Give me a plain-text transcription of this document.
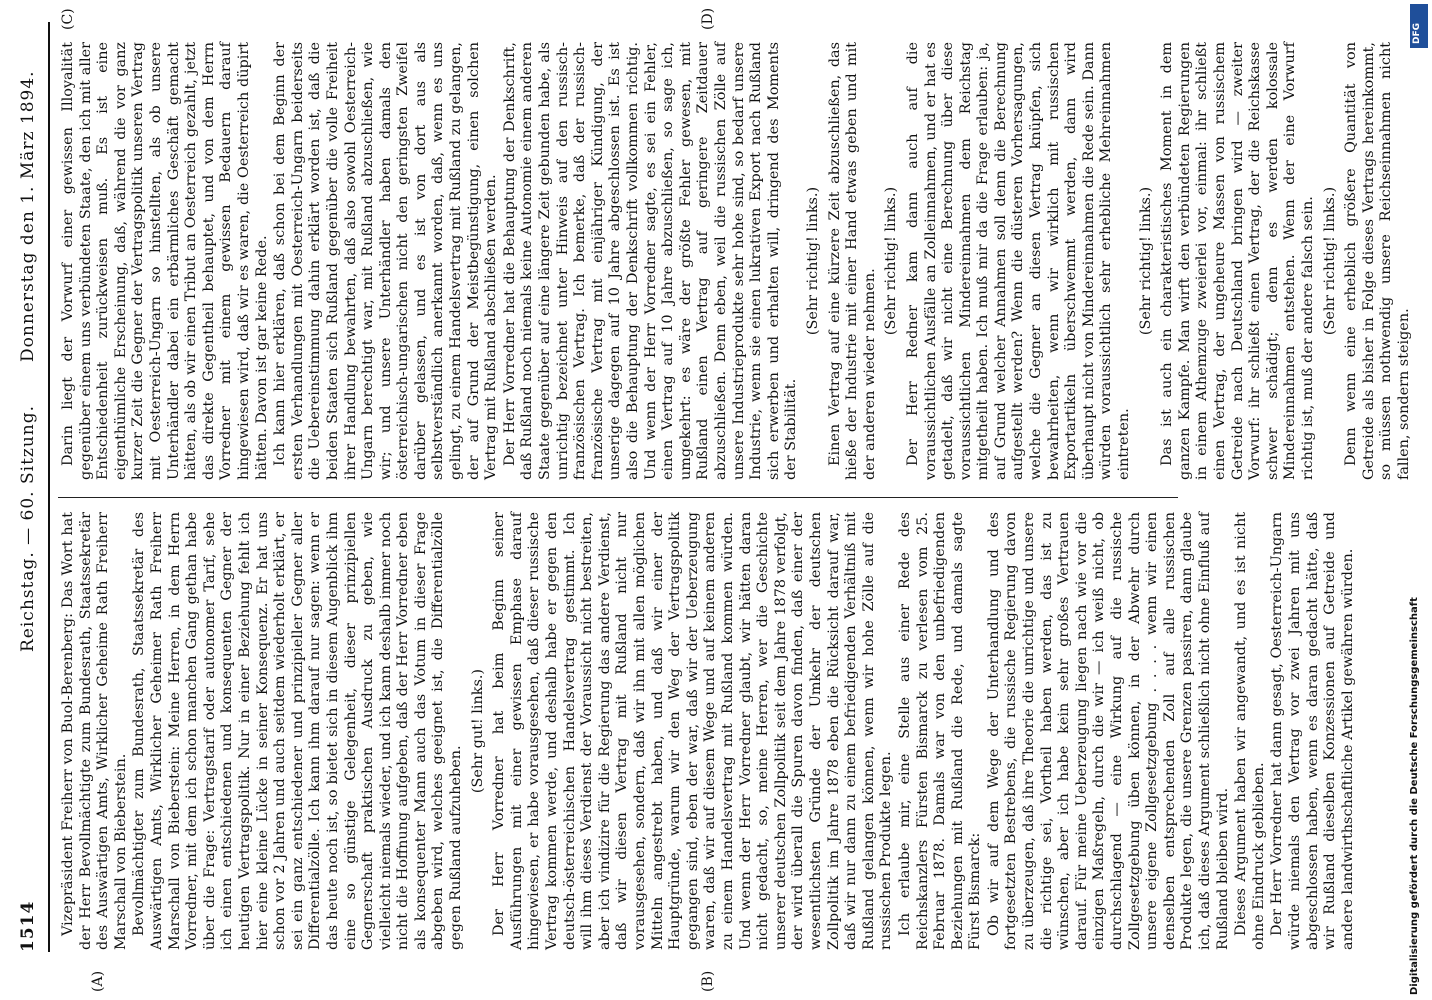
1514
Reichstag. — 60. Sitzung.
Donnerstag den 1. März 1894.
(A)	(B)
(C)	(D)

Vizepräsident Freiherr von Buol-Berenberg: Das Wort hat der Herr Bevollmächtigte zum Bundesrath, Staatssekretär des Auswärtigen Amts, Wirklicher Geheime Rath Freiherr Marschall von Bieberstein. Bevollmächtigter zum Bundesrath, Staatssekretär des Auswärtigen Amts, Wirklicher Geheimer Rath Freiherr Marschall von Bieberstein: Meine Herren, in dem Herrn Vorredner, mit dem ich schon manchen Gang gethan habe über die Frage: Vertragstarif oder autonomer Tarif, sehe ich einen entschiedenen und konsequenten Gegner der heutigen Vertragspolitik. Nur in einer Beziehung fehlt ich hier eine kleine Lücke in seiner Konsequenz. Er hat uns schon vor 2 Jahren und auch seitdem wiederholt erklärt, er sei ein ganz entschiedener und prinzipieller Gegner aller Differentialzölle. Ich kann ihm darauf nur sagen: wenn er das heute noch ist, so bietet sich in diesem Augenblick ihm eine so günstige Gelegenheit, dieser prinzipiellen Gegnerschaft praktischen Ausdruck zu geben, wie vielleicht niemals wieder, und ich kann deshalb immer noch nicht die Hoffnung aufgeben, daß der Herr Vorredner eben als konsequenter Mann auch das Votum in dieser Frage abgeben wird, welches geeignet ist, die Differentialzölle gegen Rußland aufzuheben.

(Sehr gut! links.) Der Herr Vorredner hat beim Beginn seiner Ausführungen mit einer gewissen Emphase darauf hingewiesen, er habe vorausgesehen, daß dieser russische Vertrag kommen werde, und deshalb habe er gegen den deutsch-österreichischen Handelsvertrag gestimmt. Ich will ihm dieses Verdienst der Voraussicht nicht bestreiten, aber ich vindizire für die Regierung das andere Verdienst, daß wir diesen Vertrag mit Rußland nicht nur vorausgesehen, sondern, daß wir ihn mit allen möglichen Mitteln angestrebt haben, und daß wir einer der Hauptgründe, warum wir den Weg der Vertragspolitik gegangen sind, eben der war, daß wir der Ueberzeugung waren, daß wir auf diesem Wege und auf keinem anderen zu einem Handelsvertrag mit Rußland kommen würden. Und wenn der Herr Vorredner glaubt, wir hätten daran nicht gedacht, so, meine Herren, wer die Geschichte unserer deutschen Zollpolitik seit dem Jahre 1878 verfolgt, der wird überall die Spuren davon finden, daß einer der wesentlichsten Gründe der Umkehr der deutschen Zollpolitik im Jahre 1878 eben die Rücksicht darauf war, daß wir nur dann zu einem befriedigenden Verhältniß mit Rußland gelangen können, wenn wir hohe Zölle auf die russischen Produkte legen. Ich erlaube mir, eine Stelle aus einer Rede des Reichskanzlers Fürsten Bismarck zu verlesen vom 25. Februar 1878. Damals war von den unbefriedigenden Beziehungen mit Rußland die Rede, und damals sagte Fürst Bismarck: Ob wir auf dem Wege der Unterhandlung und des fortgesetzten Bestrebens, die russische Regierung davon zu überzeugen, daß ihre Theorie die unrichtige und unsere die richtige sei, Vortheil haben werden, das ist zu wünschen, aber ich habe kein sehr großes Vertrauen darauf. Für meine Ueberzeugung liegen nach wie vor die einzigen Maßregeln, durch die wir — ich weiß nicht, ob durchschlagend — eine Wirkung auf die russische Zollgesetzgebung üben können, in der Abwehr durch unsere eigene Zollgesetzgebung . . . . wenn wir einen denselben entsprechenden Zoll auf alle russischen Produkte legen, die unsere Grenzen passiren, dann glaube ich, daß dieses Argument schließlich nicht ohne Einfluß auf Rußland bleiben wird. Dieses Argument haben wir angewandt, und es ist nicht ohne Eindruck geblieben. Der Herr Vorredner hat dann gesagt, Oesterreich-Ungarn würde niemals den Vertrag vor zwei Jahren mit uns abgeschlossen haben, wenn es daran gedacht hätte, daß wir Rußland dieselben Konzessionen auf Getreide und andere landwirthschaftliche Artikel gewähren würden.

Darin liegt der Vorwurf einer gewissen Illoyalität gegenüber einem uns verbündeten Staate, den ich mit aller Entschiedenheit zurückweisen muß. Es ist eine eigenthümliche Erscheinung, daß, während die vor ganz kurzer Zeit die Gegner der Vertragspolitik unseren Vertrag mit Oesterreich-Ungarn so hinstellten, als ob unsere Unterhändler dabei ein erbärmliches Geschäft gemacht hätten, als ob wir einen Tribut an Oesterreich gezahlt, jetzt das direkte Gegentheil behauptet, und von dem Herrn Vorredner mit einem gewissen Bedauern darauf hingewiesen wird, daß wir es waren, die Oesterreich düpirt hätten. Davon ist gar keine Rede. Ich kann hier erklären, daß schon bei dem Beginn der ersten Verhandlungen mit Oesterreich-Ungarn beiderseits die Uebereinstimmung dahin erklärt worden ist, daß die beiden Staaten sich Rußland gegenüber die volle Freiheit ihrer Handlung bewahrten, daß also sowohl Oesterreich-Ungarn berechtigt war, mit Rußland abzuschließen, wie wir; und unsere Unterhändler haben damals den österreichisch-ungarischen nicht den geringsten Zweifel darüber gelassen, und es ist von dort aus als selbstverständlich anerkannt worden, daß, wenn es uns gelingt, zu einem Handelsvertrag mit Rußland zu gelangen, der auf Grund der Meistbegünstigung, einen solchen Vertrag mit Rußland abschließen werden. Der Herr Vorredner hat die Behauptung der Denkschrift, daß Rußland noch niemals keine Autonomie einem anderen Staate gegenüber auf eine längere Zeit gebunden habe, als unrichtig bezeichnet unter Hinweis auf den russisch-französischen Vertrag. Ich bemerke, daß der russisch-französische Vertrag mit einjähriger Kündigung, der unserige dagegen auf 10 Jahre abgeschlossen ist. Es ist also die Behauptung der Denkschrift vollkommen richtig. Und wenn der Herr Vorredner sagte, es sei ein Fehler, einen Vertrag auf 10 Jahre abzuschließen, so sage ich, umgekehrt: es wäre der größte Fehler gewesen, mit Rußland einen Vertrag auf geringere Zeitdauer abzuschließen. Denn eben, weil die russischen Zölle auf unsere Industrieprodukte sehr hohe sind, so bedarf unsere Industrie, wenn sie einen lukrativen Export nach Rußland sich erwerben und erhalten will, dringend des Moments der Stabilität.

(Sehr richtig! links.) Einen Vertrag auf eine kürzere Zeit abzuschließen, das hieße der Industrie mit einer Hand etwas geben und mit der anderen wieder nehmen.

(Sehr richtig! links.) Der Herr Redner kam dann auch auf die voraussichtlichen Ausfälle an Zolleinnahmen, und er hat es getadelt, daß wir nicht eine Berechnung über diese voraussichtlichen Mindereinnahmen dem Reichstag mitgetheilt haben. Ich muß mir da die Frage erlauben: ja, auf Grund welcher Annahmen soll denn die Berechnung aufgestellt werden? Wenn die düsteren Vorhersagungen, welche die Gegner an diesen Vertrag knüpfen, sich bewahrheiten, wenn wir wirklich mit russischen Exportartikeln überschwemmt werden, dann wird überhaupt nicht von Mindereinnahmen die Rede sein. Dann würden voraussichtlich sehr erhebliche Mehreinnahmen eintreten.

(Sehr richtig! links.) Das ist auch ein charakteristisches Moment in dem ganzen Kampfe. Man wirft den verbündeten Regierungen in einem Athemzuge zweierlei vor, einmal: ihr schließt einen Vertrag, der ungeheure Massen von russischem Getreide nach Deutschland bringen wird — zweiter Vorwurf: ihr schließt einen Vertrag, der die Reichskasse schwer schädigt; denn es werden kolossale Mindereinnahmen entstehen. Wenn der eine Vorwurf richtig ist, muß der andere falsch sein. (Sehr richtig! links.) Denn wenn eine erheblich größere Quantität von Getreide als bisher in Folge dieses Vertrags hereinkommt, so müssen nothwendig unsere Reichseinnahmen nicht fallen, sondern steigen.

DFG
Digitalisierung gefördert durch die Deutsche Forschungsgemeinschaft
